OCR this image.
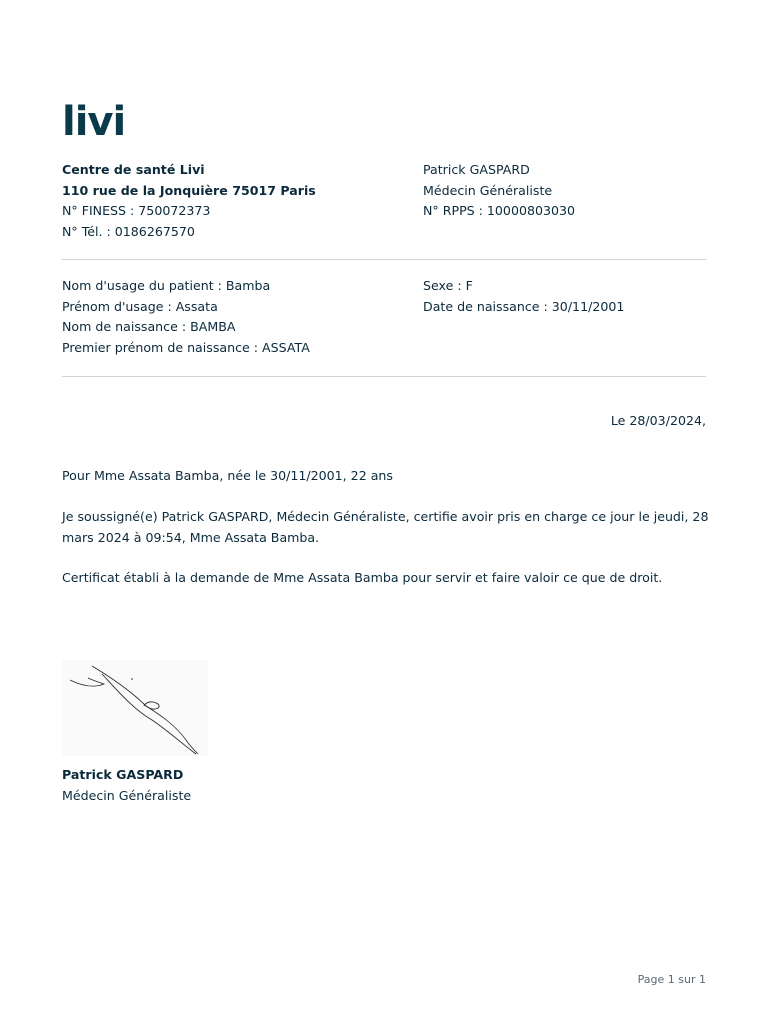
livi
Centre de santé Livi
110 rue de la Jonquière 75017 Paris
N° FINESS : 750072373
N° Tél. : 0186267570
Patrick GASPARD
Médecin Généraliste
N° RPPS : 10000803030
Nom d'usage du patient : Bamba
Prénom d'usage : Assata
Nom de naissance : BAMBA
Premier prénom de naissance : ASSATA
Sexe : F
Date de naissance : 30/11/2001
Le 28/03/2024,
Pour Mme Assata Bamba, née le 30/11/2001, 22 ans
Je soussigné(e) Patrick GASPARD, Médecin Généraliste, certifie avoir pris en charge ce jour le jeudi, 28 mars 2024 à 09:54, Mme Assata Bamba.
Certificat établi à la demande de Mme Assata Bamba pour servir et faire valoir ce que de droit.
Patrick GASPARD
Médecin Généraliste
Page 1 sur 1
